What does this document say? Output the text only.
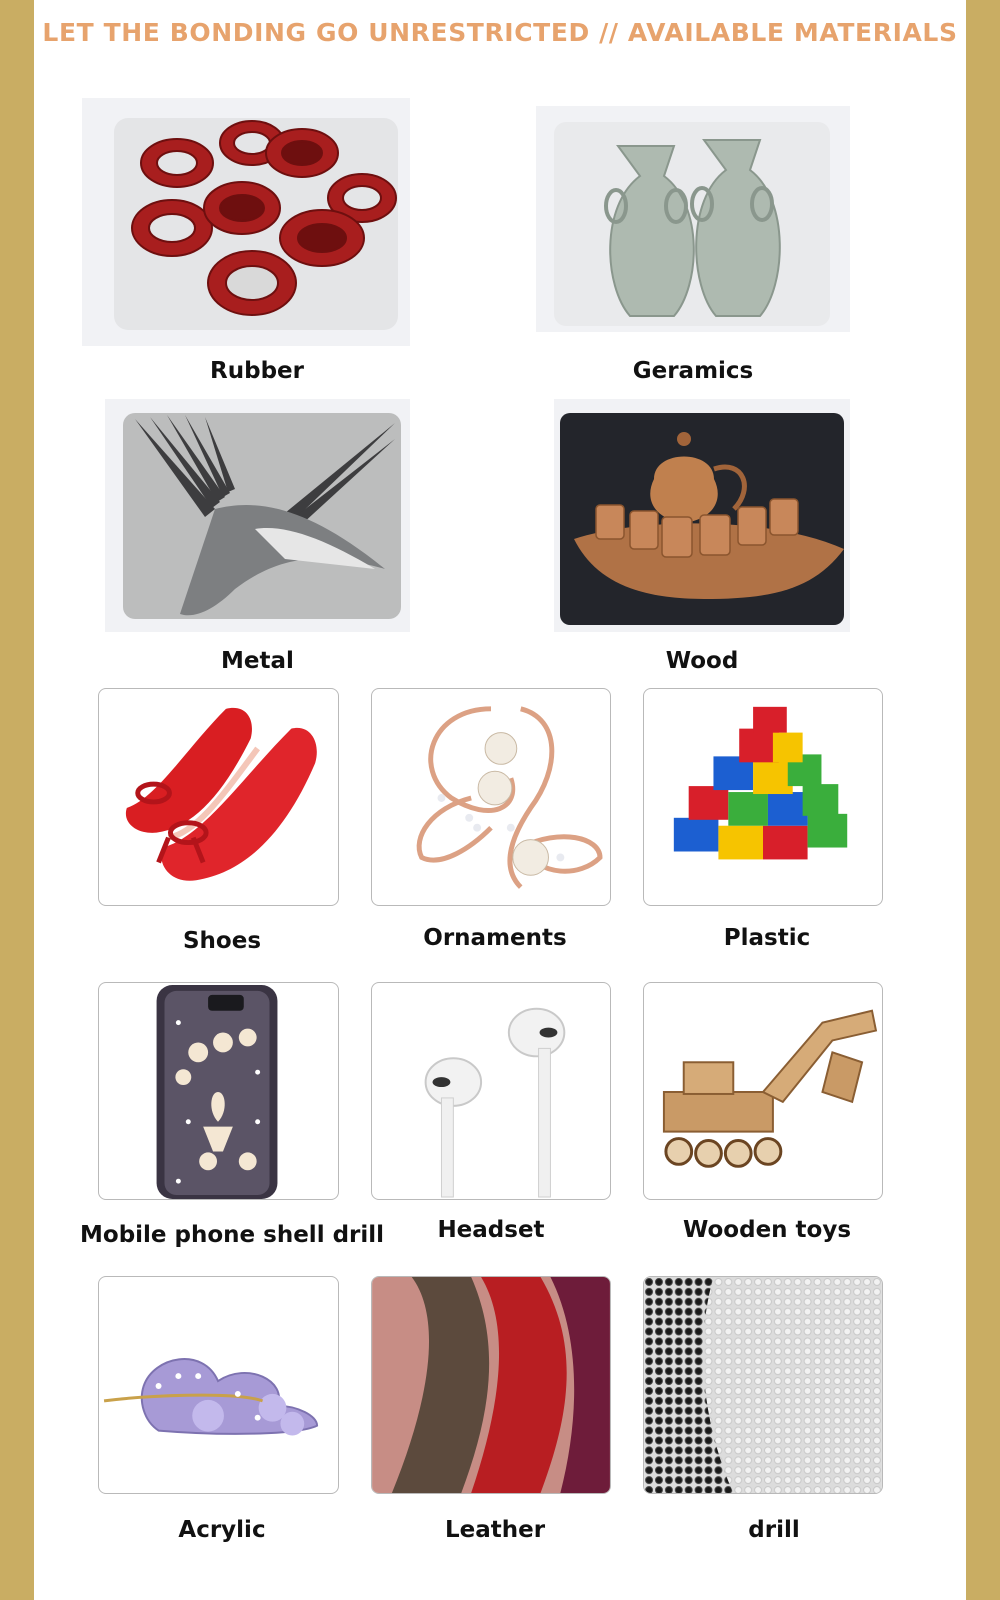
LET THE BONDING GO UNRESTRICTED // AVAILABLE MATERIALS
Rubber	Geramics
Metal	Wood
Shoes	Ornaments	Plastic
Mobile phone shell drill	Headset	Wooden toys
Acrylic	Leather	drill
